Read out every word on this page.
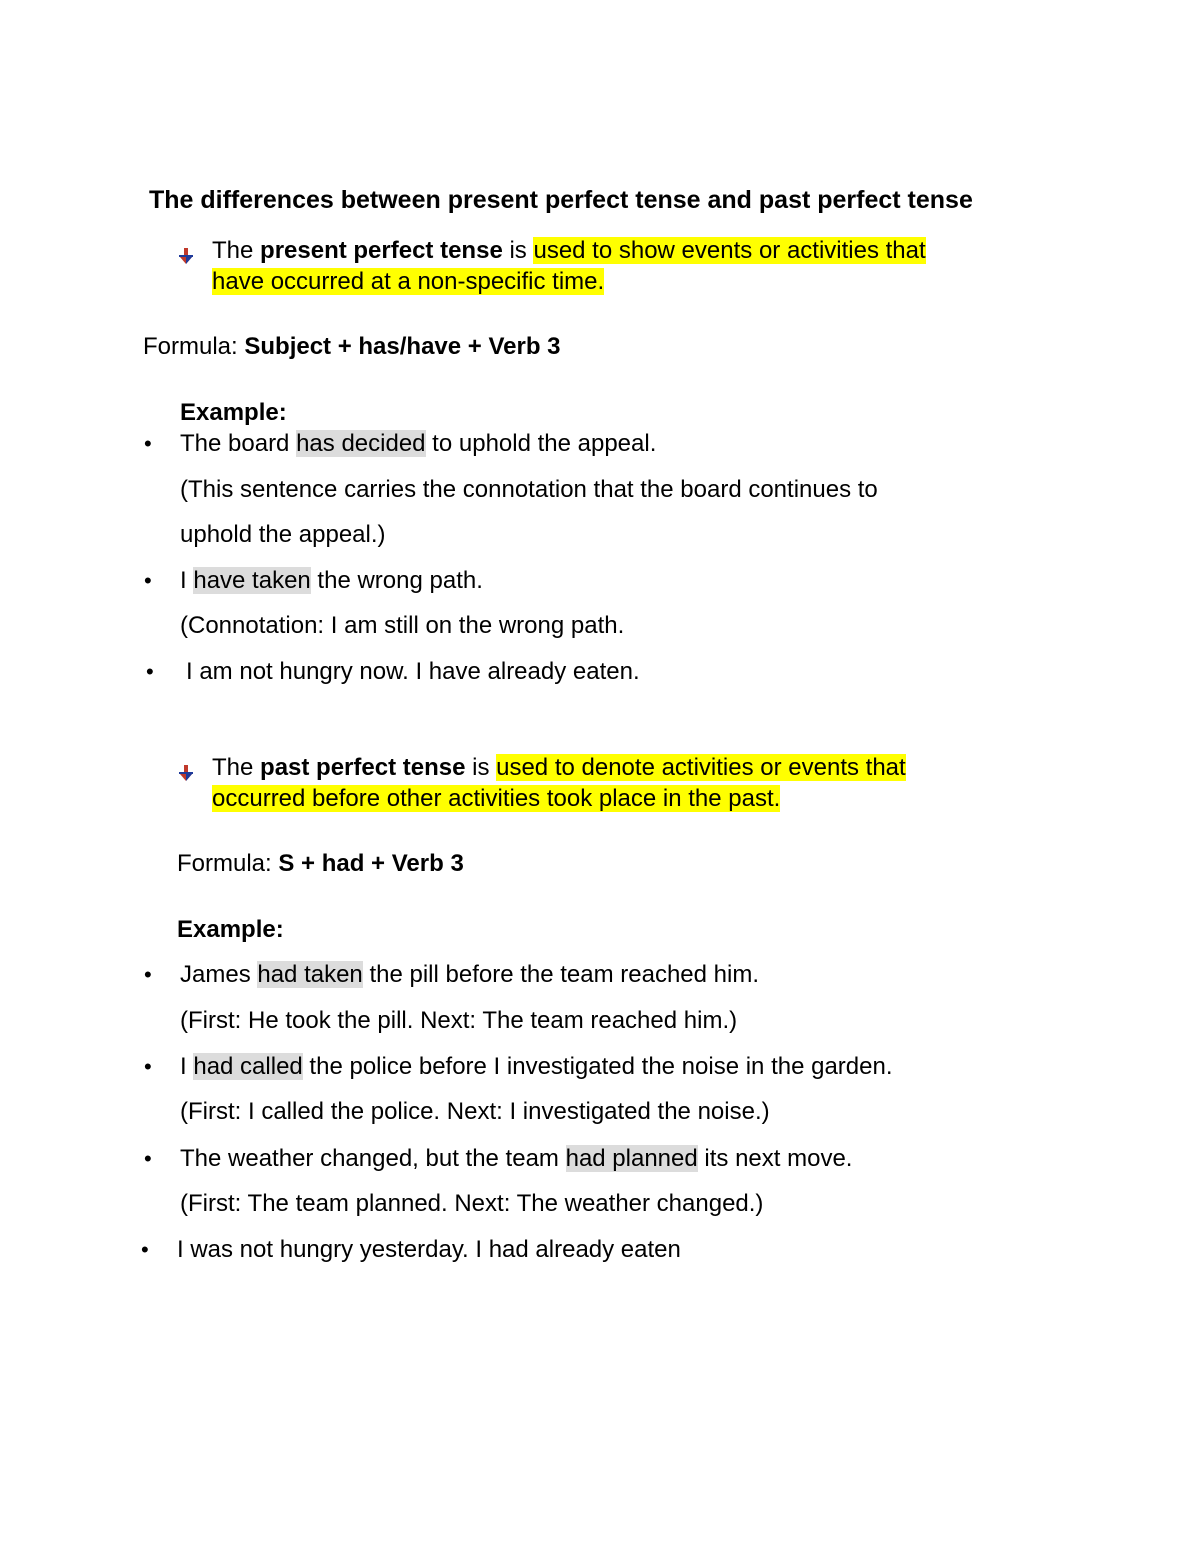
The differences between present perfect tense and past perfect tense
The present perfect tense is used to show events or activities that
have occurred at a non-specific time.
Formula: Subject + has/have + Verb 3
Example:
• The board has decided to uphold the appeal.
(This sentence carries the connotation that the board continues to
uphold the appeal.)
• I have taken the wrong path.
(Connotation: I am still on the wrong path.
• I am not hungry now. I have already eaten.
The past perfect tense is used to denote activities or events that
occurred before other activities took place in the past.
Formula: S + had + Verb 3
Example:
• James had taken the pill before the team reached him.
(First: He took the pill. Next: The team reached him.)
• I had called the police before I investigated the noise in the garden.
(First: I called the police. Next: I investigated the noise.)
• The weather changed, but the team had planned its next move.
(First: The team planned. Next: The weather changed.)
• I was not hungry yesterday. I had already eaten
